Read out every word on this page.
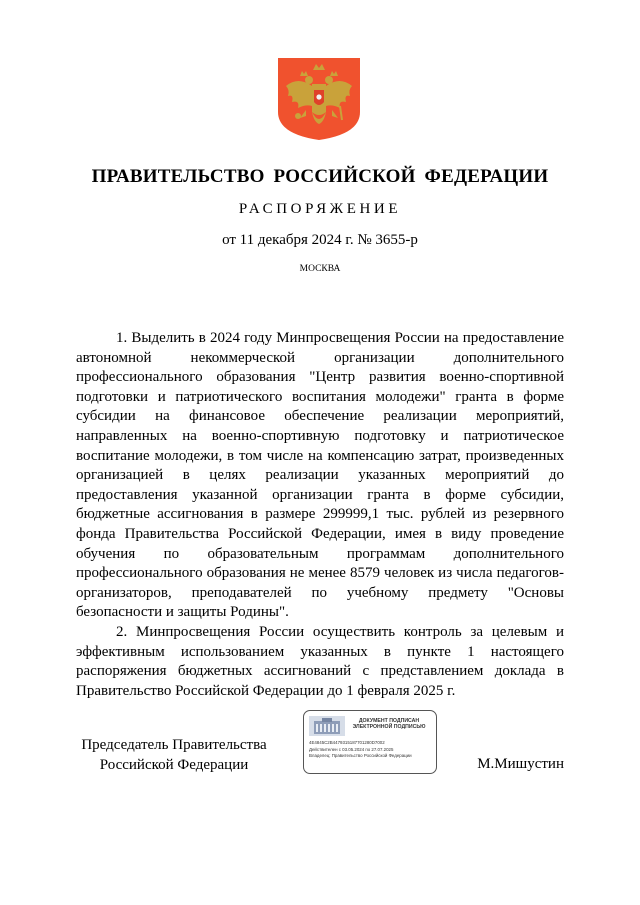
ПРАВИТЕЛЬСТВО РОССИЙСКОЙ ФЕДЕРАЦИИ
РАСПОРЯЖЕНИЕ
от 11 декабря 2024 г. № 3655-р
МОСКВА

1. Выделить в 2024 году Минпросвещения России на предоставление автономной некоммерческой организации дополнительного профессионального образования "Центр развития военно-спортивной подготовки и патриотического воспитания молодежи" гранта в форме субсидии на финансовое обеспечение реализации мероприятий, направленных на военно-спортивную подготовку и патриотическое воспитание молодежи, в том числе на компенсацию затрат, произведенных организацией в целях реализации указанных мероприятий до предоставления указанной организации гранта в форме субсидии, бюджетные ассигнования в размере 299999,1 тыс. рублей из резервного фонда Правительства Российской Федерации, имея в виду проведение обучения по образовательным программам дополнительного профессионального образования не менее 8579 человек из числа педагогов-организаторов, преподавателей по учебному предмету "Основы безопасности и защиты Родины".

2. Минпросвещения России осуществить контроль за целевым и эффективным использованием указанных в пункте 1 настоящего распоряжения бюджетных ассигнований с представлением доклада в Правительство Российской Федерации до 1 февраля 2025 г.

Председатель Правительства
Российской Федерации
ДОКУМЕНТ ПОДПИСАН
ЭЛЕКТРОННОЙ ПОДПИСЬЮ
4E4845C2B4479315187701280D7002
Действителен с 03.05.2024 по 27.07.2025
Владелец: Правительство Российской Федерации
М.Мишустин
